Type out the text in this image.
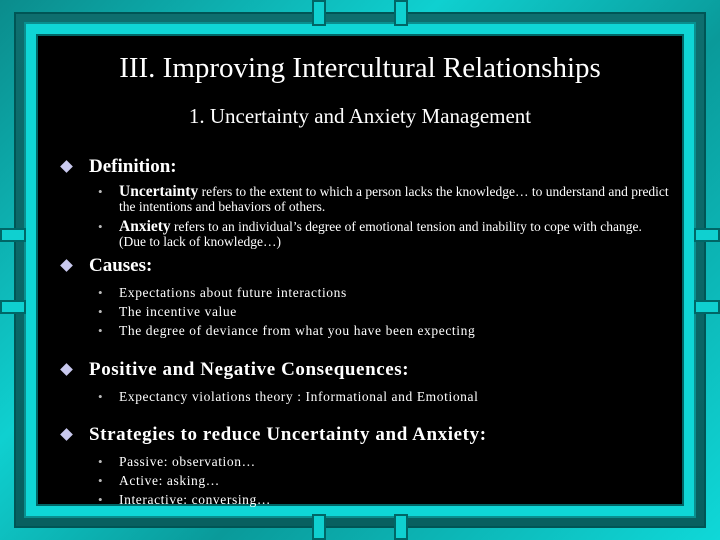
III. Improving Intercultural Relationships
1. Uncertainty and Anxiety Management

Definition:

• Uncertainty refers to the extent to which a person lacks the knowledge… to understand and predict the intentions and behaviors of others.
• Anxiety refers to an individual’s degree of emotional tension and inability to cope with change. (Due to lack of knowledge…)

Causes:

• Expectations about future interactions
• The incentive value
• The degree of deviance from what you have been expecting

Positive and Negative Consequences:

• Expectancy violations theory : Informational and Emotional

Strategies to reduce Uncertainty and Anxiety:

• Passive: observation…
• Active: asking…
• Interactive: conversing…
